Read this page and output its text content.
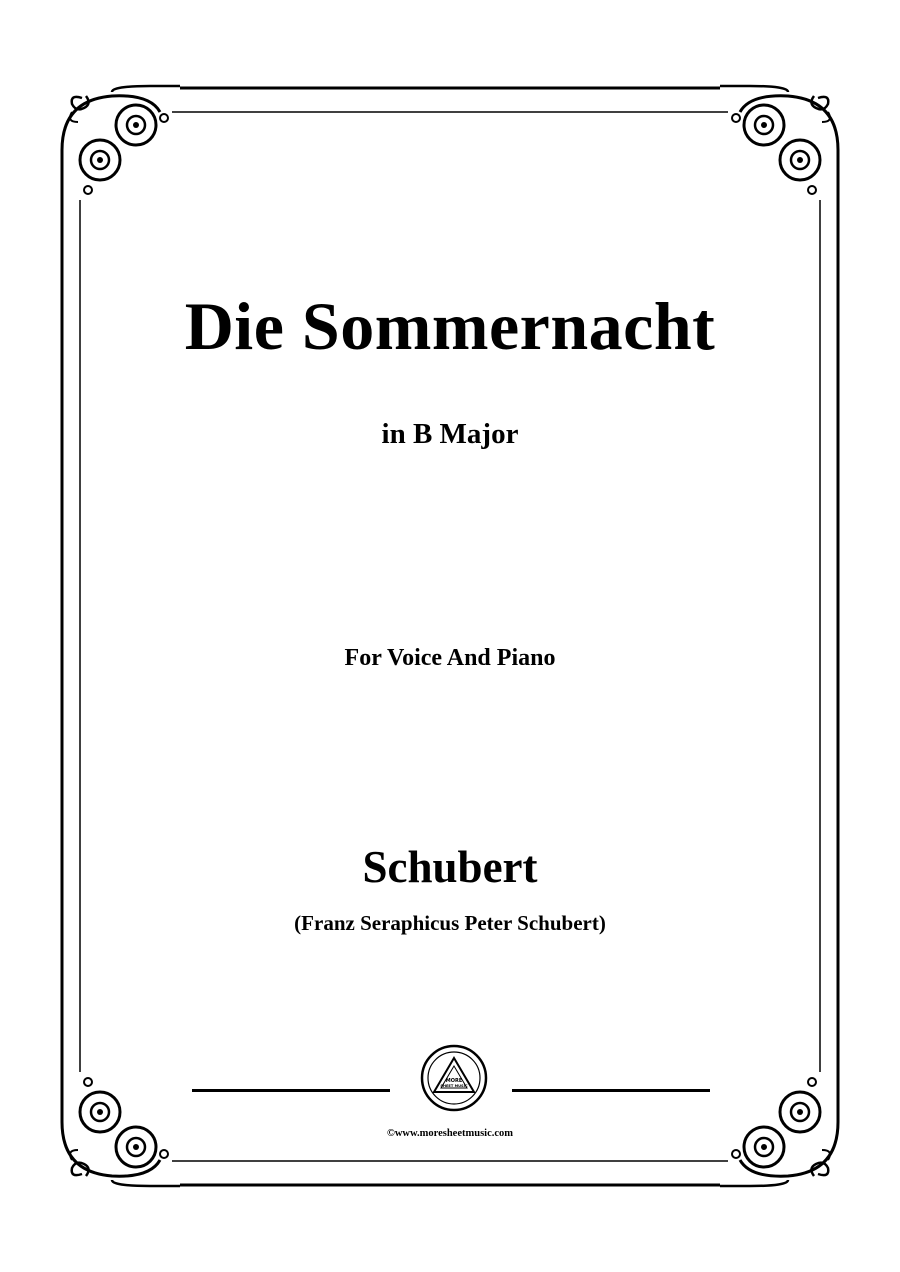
Die Sommernacht
in B Major
For Voice And Piano
Schubert
(Franz Seraphicus Peter Schubert)
MORE
SHEET MUSIC
©www.moresheetmusic.com
